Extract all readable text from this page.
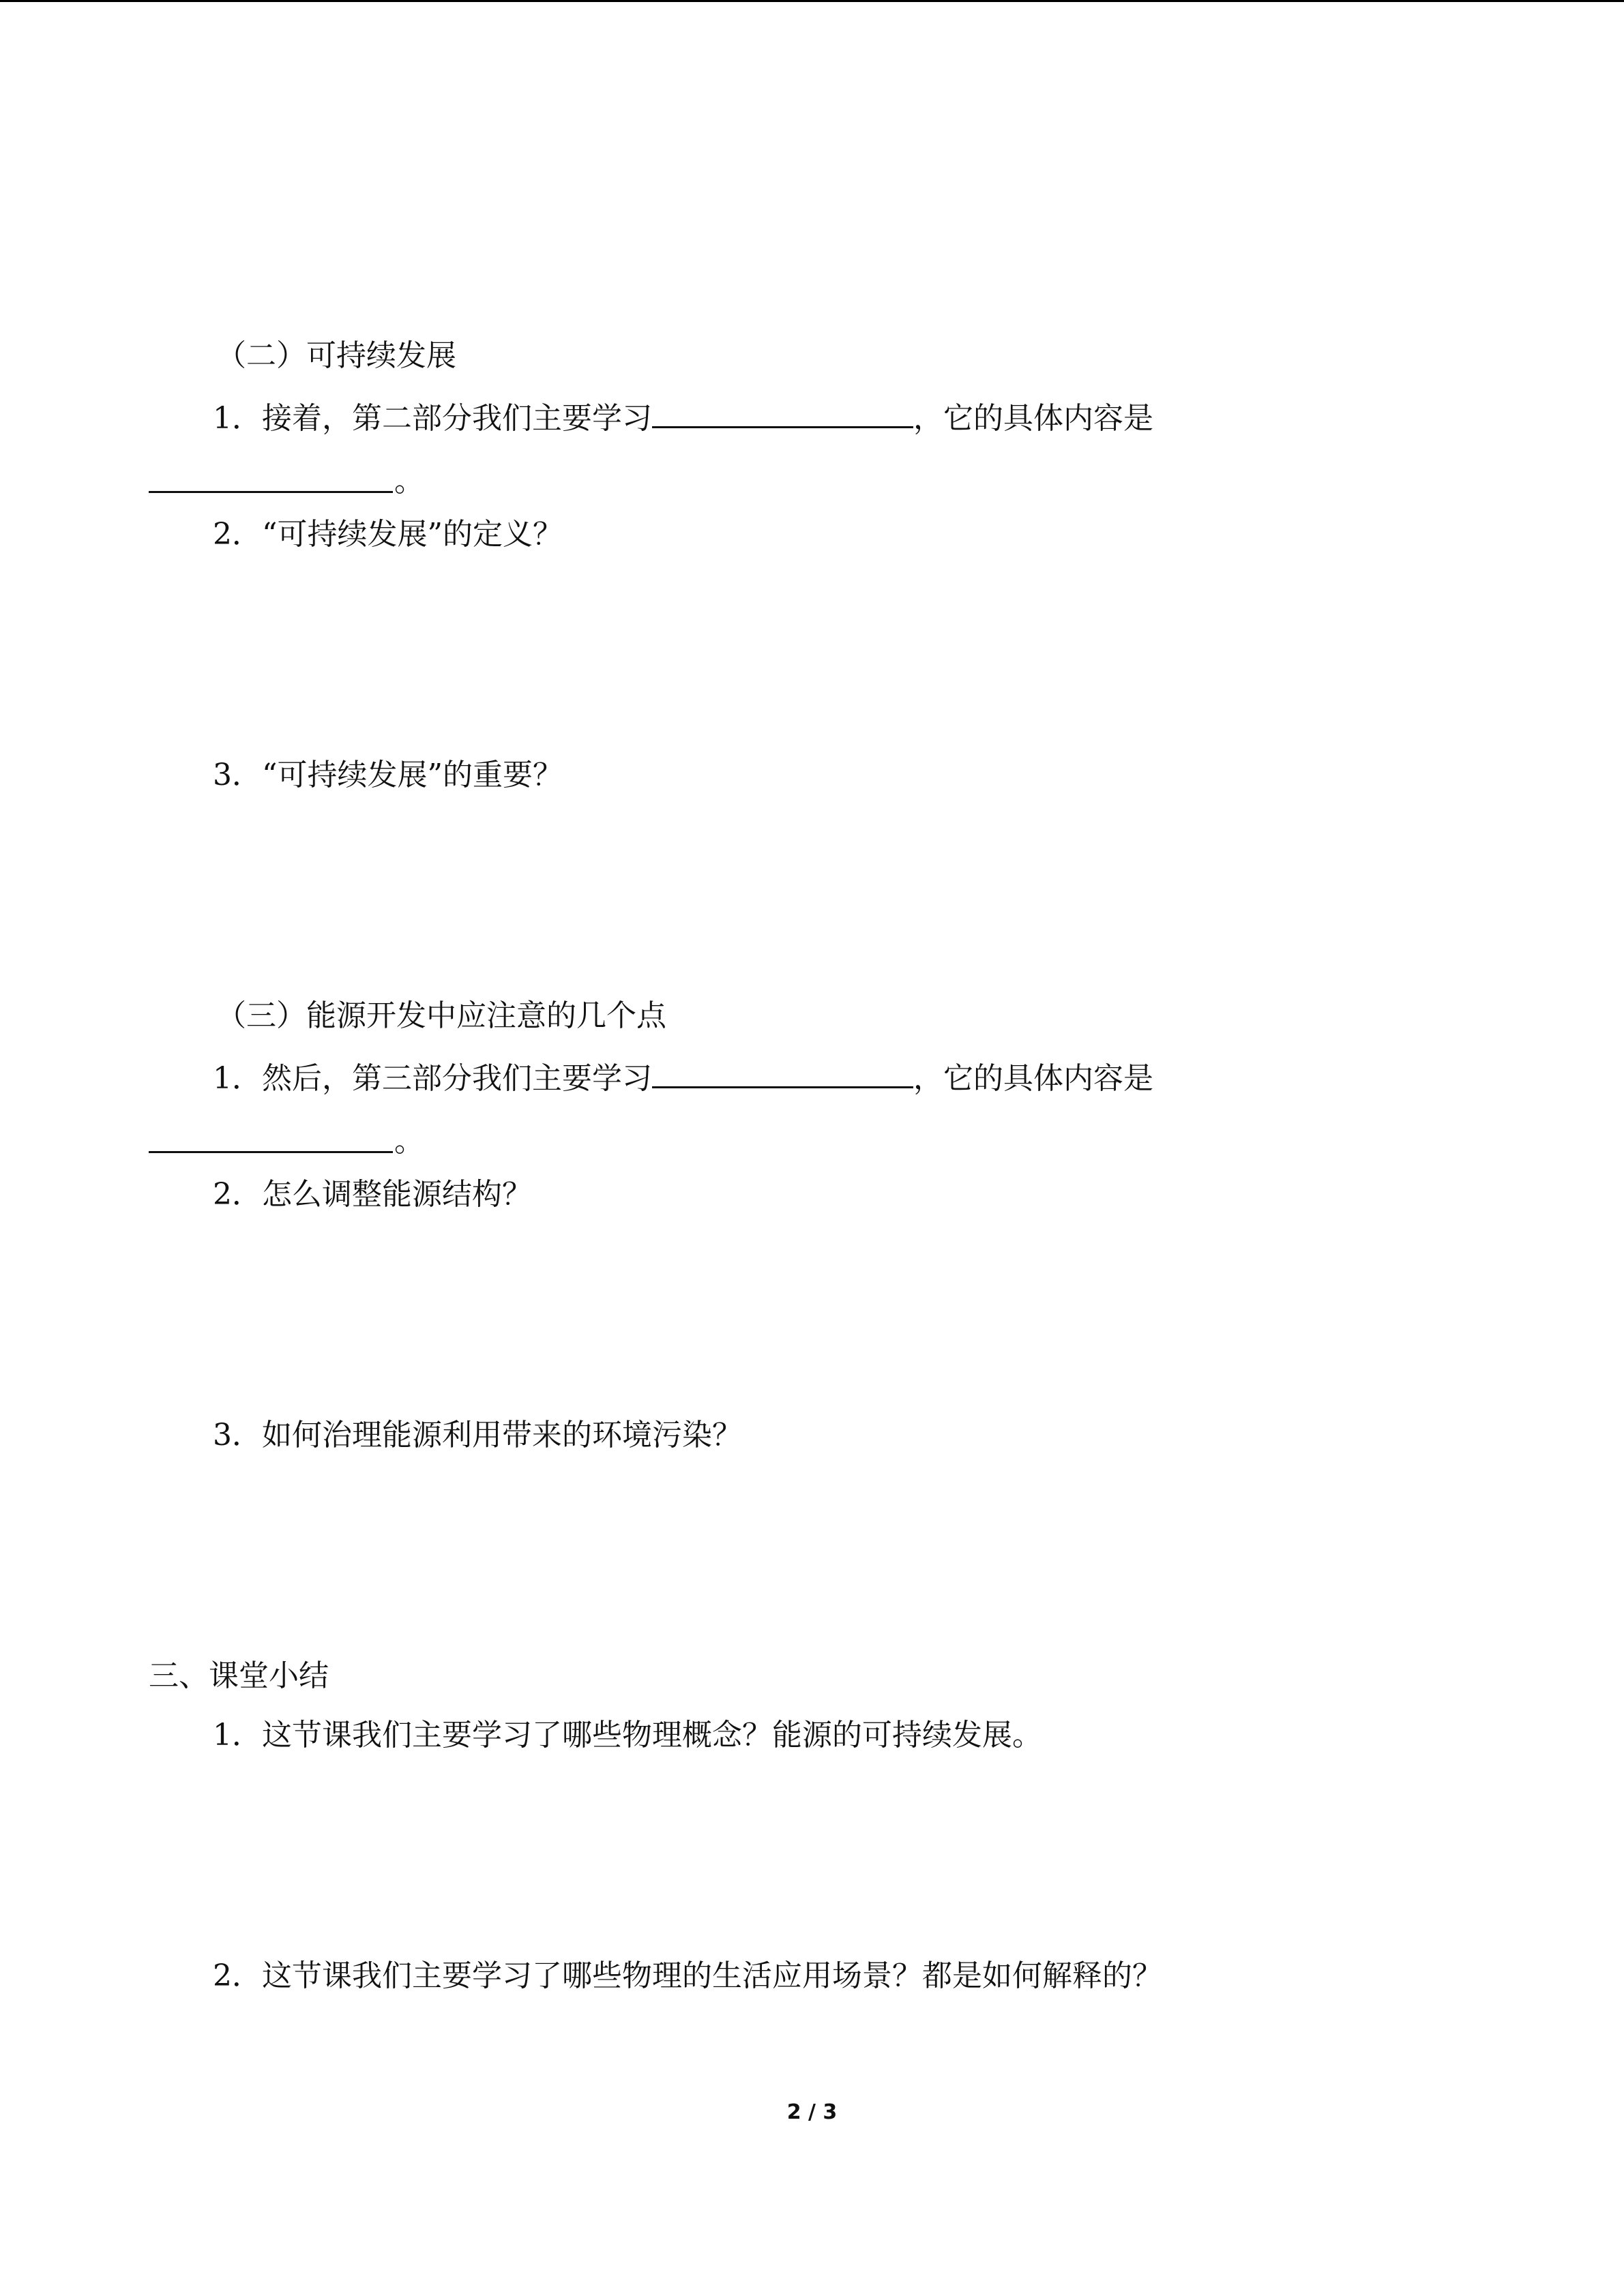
（二）可持续发展

1．接着，第二部分我们主要学习	，它的具体内容是

。

2．“可持续发展”的定义？

3．“可持续发展”的重要？

（三）能源开发中应注意的几个点

1．然后，第三部分我们主要学习	，它的具体内容是

。

2．怎么调整能源结构？

3．如何治理能源利用带来的环境污染？

三、课堂小结

1．这节课我们主要学习了哪些物理概念？能源的可持续发展。

2．这节课我们主要学习了哪些物理的生活应用场景？都是如何解释的？

2 / 3
